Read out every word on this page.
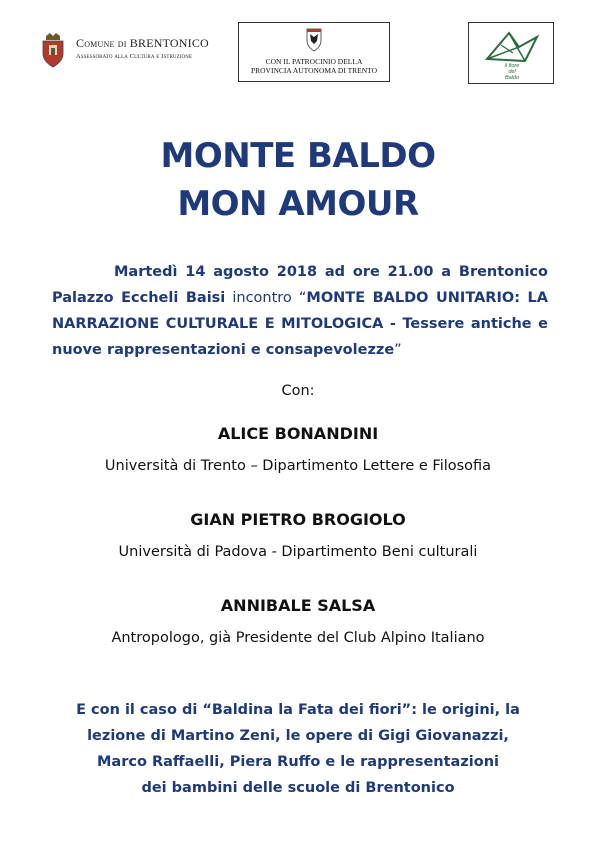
Comune di BRENTONICO
Assessorato alla Cultura e Istruzione
CON IL PATROCINIO DELLA
PROVINCIA AUTONOMA DI TRENTO	il fiore
del
Baldo
MONTE BALDO
MON AMOUR
Martedì 14 agosto 2018 ad ore 21.00 a Brentonico Palazzo Eccheli Baisi incontro “MONTE BALDO UNITARIO: LA NARRAZIONE CULTURALE E MITOLOGICA - Tessere antiche e nuove rappresentazioni e consapevolezze”
Con:
ALICE BONANDINI
Università di Trento – Dipartimento Lettere e Filosofia
GIAN PIETRO BROGIOLO
Università di Padova - Dipartimento Beni culturali
ANNIBALE SALSA
Antropologo, già Presidente del Club Alpino Italiano
E con il caso di “Baldina la Fata dei fiori”: le origini, la
lezione di Martino Zeni, le opere di Gigi Giovanazzi,
Marco Raffaelli, Piera Ruffo e le rappresentazioni
dei bambini delle scuole di Brentonico
